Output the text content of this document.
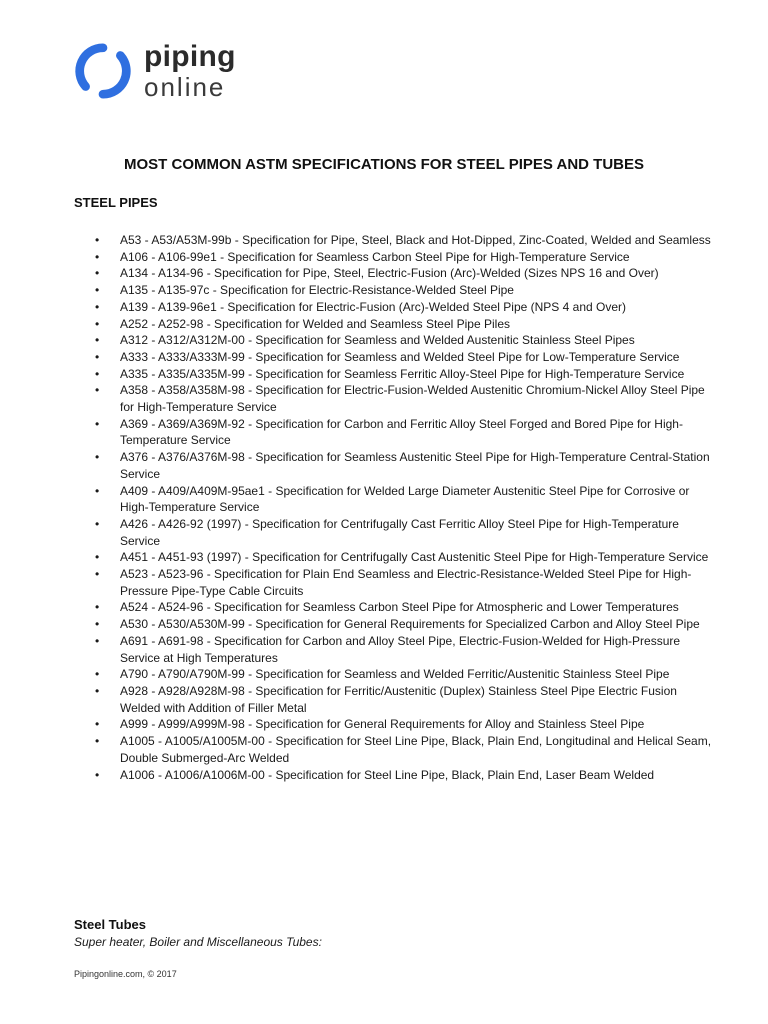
piping
online
MOST COMMON ASTM SPECIFICATIONS FOR STEEL PIPES AND TUBES
STEEL PIPES
• A53 - A53/A53M-99b - Specification for Pipe, Steel, Black and Hot-Dipped, Zinc-Coated, Welded and Seamless
• A106 - A106-99e1 - Specification for Seamless Carbon Steel Pipe for High-Temperature Service
• A134 - A134-96 - Specification for Pipe, Steel, Electric-Fusion (Arc)-Welded (Sizes NPS 16 and Over)
• A135 - A135-97c - Specification for Electric-Resistance-Welded Steel Pipe
• A139 - A139-96e1 - Specification for Electric-Fusion (Arc)-Welded Steel Pipe (NPS 4 and Over)
• A252 - A252-98 - Specification for Welded and Seamless Steel Pipe Piles
• A312 - A312/A312M-00 - Specification for Seamless and Welded Austenitic Stainless Steel Pipes
• A333 - A333/A333M-99 - Specification for Seamless and Welded Steel Pipe for Low-Temperature Service
• A335 - A335/A335M-99 - Specification for Seamless Ferritic Alloy-Steel Pipe for High-Temperature Service
• A358 - A358/A358M-98 - Specification for Electric-Fusion-Welded Austenitic Chromium-Nickel Alloy Steel Pipe for High-Temperature Service
• A369 - A369/A369M-92 - Specification for Carbon and Ferritic Alloy Steel Forged and Bored Pipe for High-Temperature Service
• A376 - A376/A376M-98 - Specification for Seamless Austenitic Steel Pipe for High-Temperature Central-Station Service
• A409 - A409/A409M-95ae1 - Specification for Welded Large Diameter Austenitic Steel Pipe for Corrosive or High-Temperature Service
• A426 - A426-92 (1997) - Specification for Centrifugally Cast Ferritic Alloy Steel Pipe for High-Temperature Service
• A451 - A451-93 (1997) - Specification for Centrifugally Cast Austenitic Steel Pipe for High-Temperature Service
• A523 - A523-96 - Specification for Plain End Seamless and Electric-Resistance-Welded Steel Pipe for High-Pressure Pipe-Type Cable Circuits
• A524 - A524-96 - Specification for Seamless Carbon Steel Pipe for Atmospheric and Lower Temperatures
• A530 - A530/A530M-99 - Specification for General Requirements for Specialized Carbon and Alloy Steel Pipe
• A691 - A691-98 - Specification for Carbon and Alloy Steel Pipe, Electric-Fusion-Welded for High-Pressure Service at High Temperatures
• A790 - A790/A790M-99 - Specification for Seamless and Welded Ferritic/Austenitic Stainless Steel Pipe
• A928 - A928/A928M-98 - Specification for Ferritic/Austenitic (Duplex) Stainless Steel Pipe Electric Fusion Welded with Addition of Filler Metal
• A999 - A999/A999M-98 - Specification for General Requirements for Alloy and Stainless Steel Pipe
• A1005 - A1005/A1005M-00 - Specification for Steel Line Pipe, Black, Plain End, Longitudinal and Helical Seam, Double Submerged-Arc Welded
• A1006 - A1006/A1006M-00 - Specification for Steel Line Pipe, Black, Plain End, Laser Beam Welded
Steel Tubes
Super heater, Boiler and Miscellaneous Tubes:
Pipingonline.com, © 2017
